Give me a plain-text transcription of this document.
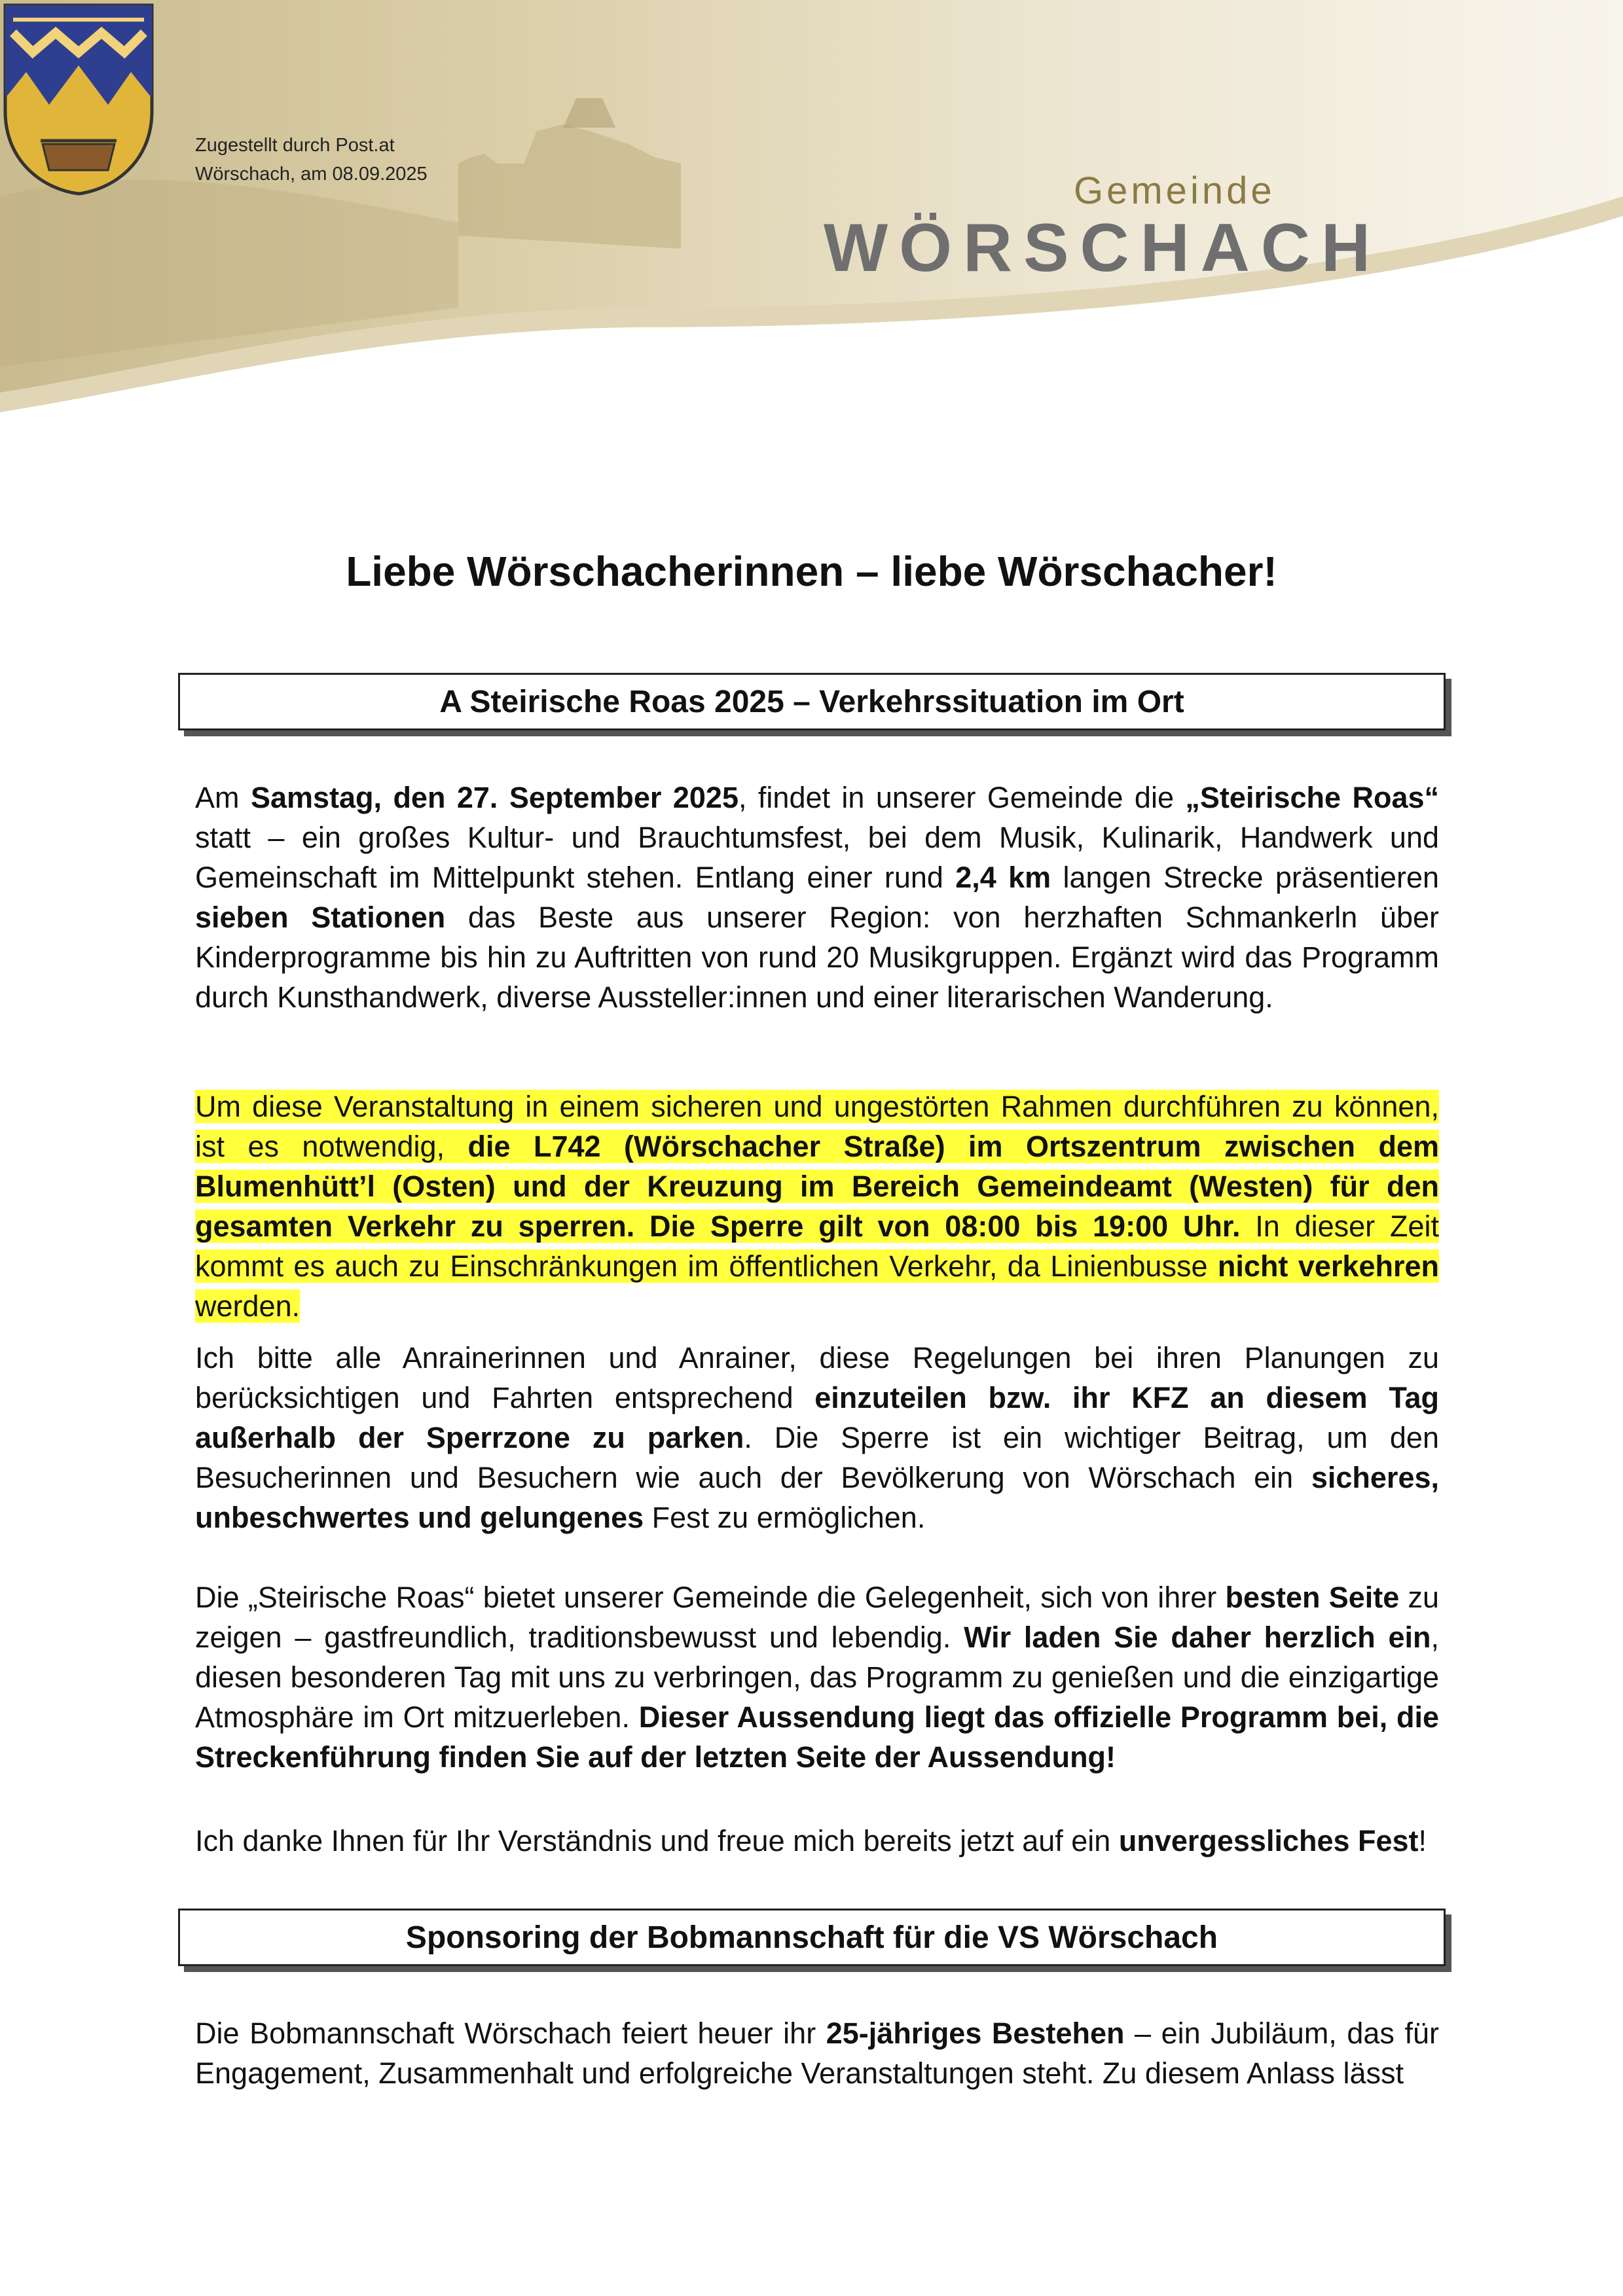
Zugestellt durch Post.at
Wörschach, am 08.09.2025	Gemeinde
WÖRSCHACH
Liebe Wörschacherinnen – liebe Wörschacher!
A Steirische Roas 2025 – Verkehrssituation im Ort
Am Samstag, den 27. September 2025, findet in unserer Gemeinde die „Steirische Roas“ statt – ein großes Kultur- und Brauchtumsfest, bei dem Musik, Kulinarik, Handwerk und Gemeinschaft im Mittelpunkt stehen. Entlang einer rund 2,4 km langen Strecke präsentieren sieben Stationen das Beste aus unserer Region: von herzhaften Schmankerln über Kinderprogramme bis hin zu Auftritten von rund 20 Musikgruppen. Ergänzt wird das Programm durch Kunsthandwerk, diverse Aussteller:innen und einer literarischen Wanderung.
Um diese Veranstaltung in einem sicheren und ungestörten Rahmen durchführen zu können, ist es notwendig, die L742 (Wörschacher Straße) im Ortszentrum zwischen dem Blumenhütt’l (Osten) und der Kreuzung im Bereich Gemeindeamt (Westen) für den gesamten Verkehr zu sperren. Die Sperre gilt von 08:00 bis 19:00 Uhr. In dieser Zeit kommt es auch zu Einschränkungen im öffentlichen Verkehr, da Linienbusse nicht verkehren werden.
Ich bitte alle Anrainerinnen und Anrainer, diese Regelungen bei ihren Planungen zu berücksichtigen und Fahrten entsprechend einzuteilen bzw. ihr KFZ an diesem Tag außerhalb der Sperrzone zu parken. Die Sperre ist ein wichtiger Beitrag, um den Besucherinnen und Besuchern wie auch der Bevölkerung von Wörschach ein sicheres, unbeschwertes und gelungenes Fest zu ermöglichen.
Die „Steirische Roas“ bietet unserer Gemeinde die Gelegenheit, sich von ihrer besten Seite zu zeigen – gastfreundlich, traditionsbewusst und lebendig. Wir laden Sie daher herzlich ein, diesen besonderen Tag mit uns zu verbringen, das Programm zu genießen und die einzigartige Atmosphäre im Ort mitzuerleben. Dieser Aussendung liegt das offizielle Programm bei, die Streckenführung finden Sie auf der letzten Seite der Aussendung!
Ich danke Ihnen für Ihr Verständnis und freue mich bereits jetzt auf ein unvergessliches Fest!
Sponsoring der Bobmannschaft für die VS Wörschach
Die Bobmannschaft Wörschach feiert heuer ihr 25-jähriges Bestehen – ein Jubiläum, das für Engagement, Zusammenhalt und erfolgreiche Veranstaltungen steht. Zu diesem Anlass lässt
